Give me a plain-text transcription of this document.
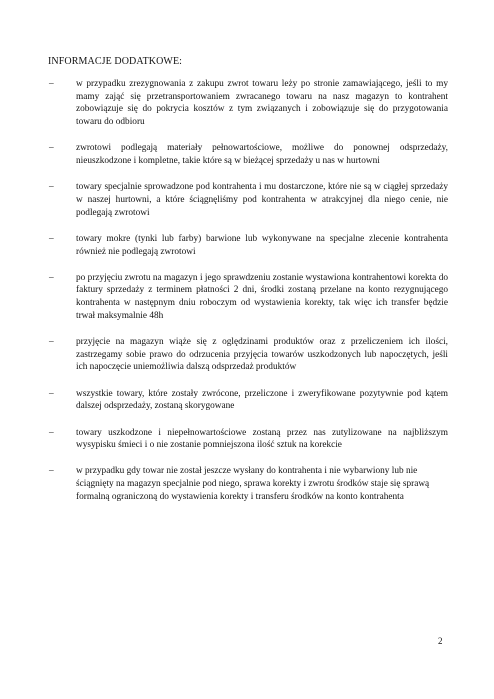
INFORMACJE DODATKOWE:
–	w przypadku zrezygnowania z zakupu zwrot towaru leży po stronie zamawiającego, jeśli to my mamy zająć się przetransportowaniem zwracanego towaru na nasz magazyn to kontrahent zobowiązuje się do pokrycia kosztów z tym związanych i zobowiązuje się do przygotowania towaru do odbioru
–	zwrotowi podlegają materiały pełnowartościowe, możliwe do ponownej odsprzedaży, nieuszkodzone i kompletne, takie które są w bieżącej sprzedaży u nas w hurtowni
–	towary specjalnie sprowadzone pod kontrahenta i mu dostarczone, które nie są w ciągłej sprzedaży w naszej hurtowni, a które ściągnęliśmy pod kontrahenta w atrakcyjnej dla niego cenie, nie podlegają zwrotowi
–	towary mokre (tynki lub farby) barwione lub wykonywane na specjalne zlecenie kontrahenta również nie podlegają zwrotowi
–	po przyjęciu zwrotu na magazyn i jego sprawdzeniu zostanie wystawiona kontrahentowi korekta do faktury sprzedaży z terminem płatności 2 dni, środki zostaną przelane na konto rezygnującego kontrahenta w następnym dniu roboczym od wystawienia korekty, tak więc ich transfer będzie trwał maksymalnie 48h
–	przyjęcie na magazyn wiąże się z oględzinami produktów oraz z przeliczeniem ich ilości, zastrzegamy sobie prawo do odrzucenia przyjęcia towarów uszkodzonych lub napoczętych, jeśli ich napoczęcie uniemożliwia dalszą odsprzedaż produktów
–	wszystkie towary, które zostały zwrócone, przeliczone i zweryfikowane pozytywnie pod kątem dalszej odsprzedaży, zostaną skorygowane
–	towary uszkodzone i niepełnowartościowe zostaną przez nas zutylizowane na najbliższym wysypisku śmieci i o nie zostanie pomniejszona ilość sztuk na korekcie
–	w przypadku gdy towar nie został jeszcze wysłany do kontrahenta i nie wybarwiony lub nie ściągnięty na magazyn specjalnie pod niego, sprawa korekty i zwrotu środków staje się sprawą formalną ograniczoną do wystawienia korekty i transferu środków na konto kontrahenta
2
